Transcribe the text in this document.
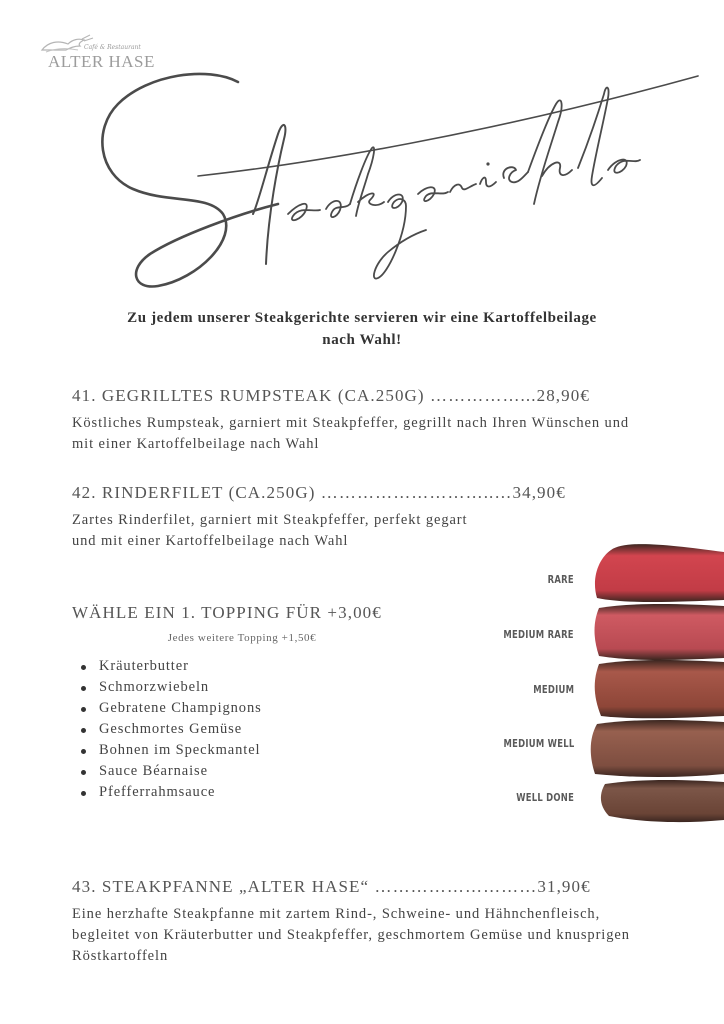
Café & Restaurant
ALTER HASE
Zu jedem unserer Steakgerichte servieren wir eine Kartoffelbeilage nach Wahl!
41. GEGRILLTES RUMPSTEAK (CA.250G) ……………...28,90€
Köstliches Rumpsteak, garniert mit Steakpfeffer, gegrillt nach Ihren Wünschen und mit einer Kartoffelbeilage nach Wahl
42. RINDERFILET (CA.250G) ………………………..…34,90€
Zartes Rinderfilet, garniert mit Steakpfeffer, perfekt gegart
und mit einer Kartoffelbeilage nach Wahl
WÄHLE EIN 1. TOPPING FÜR +3,00€
Jedes weitere Topping +1,50€
Kräuterbutter
Schmorzwiebeln
Gebratene Champignons
Geschmortes Gemüse
Bohnen im Speckmantel
Sauce Béarnaise
Pfefferrahmsauce
RARE
MEDIUM RARE
MEDIUM
MEDIUM WELL
WELL DONE
43. STEAKPFANNE „ALTER HASE“ ………………………31,90€
Eine herzhafte Steakpfanne mit zartem Rind-, Schweine- und Hähnchenfleisch, begleitet von Kräuterbutter und Steakpfeffer, geschmortem Gemüse und knusprigen Röstkartoffeln
